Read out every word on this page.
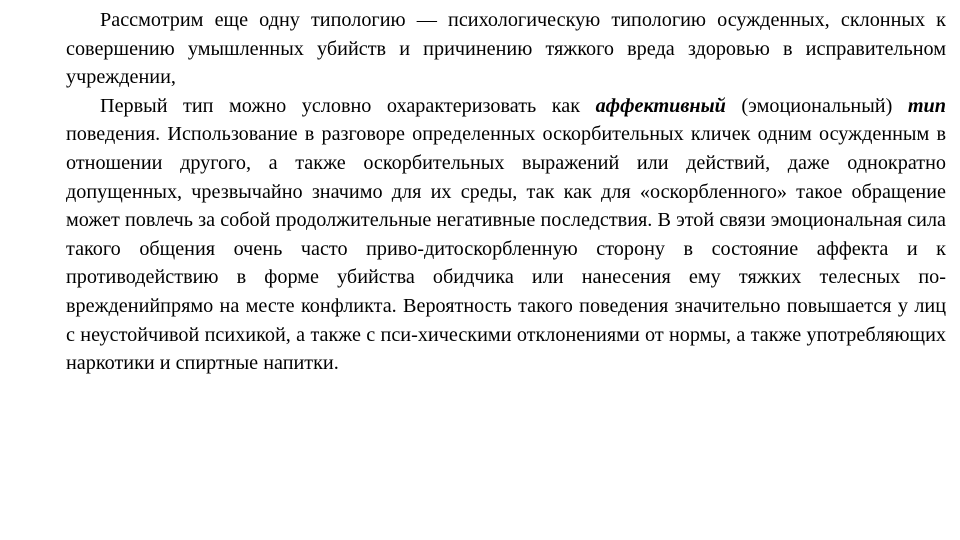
Рассмотрим еще одну типологию — психологическую типологию осужденных, склонных к совершению умышленных убийств и причинению тяжкого вреда здоровью в исправительном учреждении,

Первый тип можно условно охарактеризовать как аффективный (эмоциональный) тип поведения. Использование в разговоре определенных оскорбительных кличек одним осужденным в отношении другого, а также оскорбительных выражений или действий, даже однократно допущенных, чрезвычайно значимо для их среды, так как для «оскорбленного» такое обращение может повлечь за собой продолжительные негативные последствия. В этой связи эмоциональная сила такого общения очень часто приво-дитоскорбленную сторону в состояние аффекта и к противодействию в форме убийства обидчика или нанесения ему тяжких телесных по-врежденийпрямо на месте конфликта. Вероятность такого поведения значительно повышается у лиц с неустойчивой психикой, а также с пси-хическими отклонениями от нормы, а также употребляющих наркотики и спиртные напитки.
